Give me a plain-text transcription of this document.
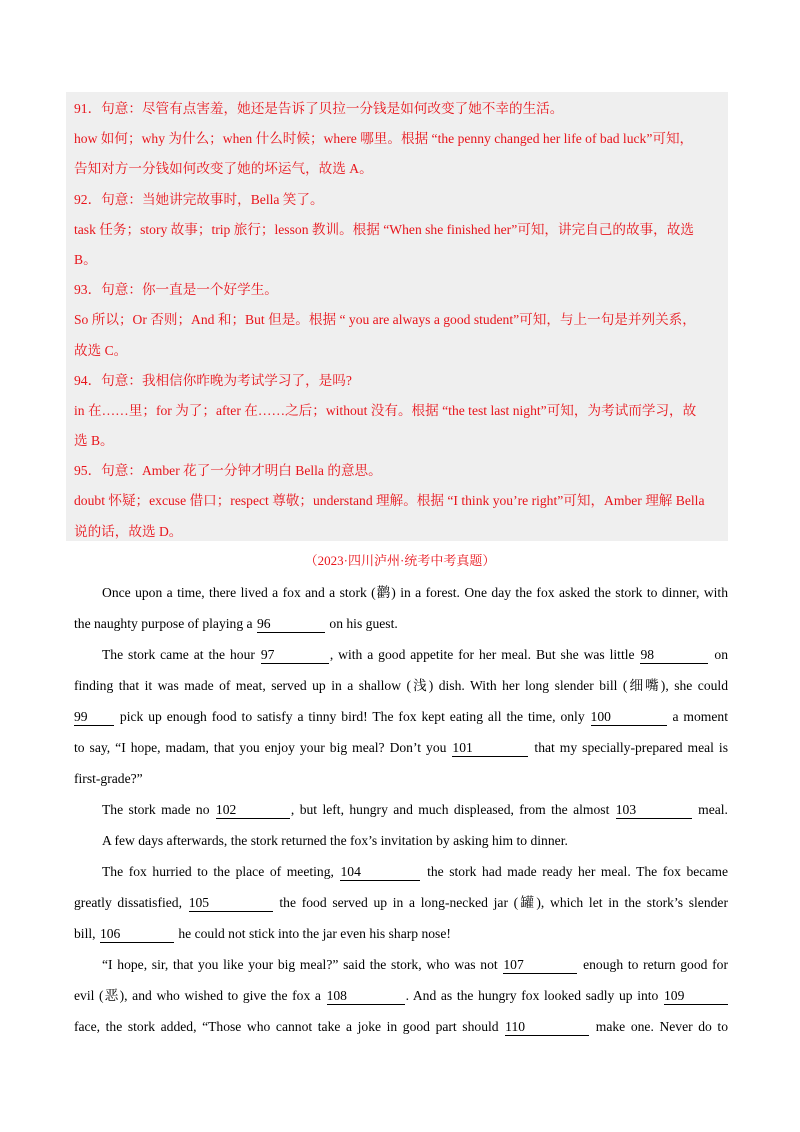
91．句意：尽管有点害羞，她还是告诉了贝拉一分钱是如何改变了她不幸的生活。
how 如何；why 为什么；when 什么时候；where 哪里。根据 “the penny changed her life of bad luck”可知，
告知对方一分钱如何改变了她的坏运气，故选 A。
92．句意：当她讲完故事时，Bella 笑了。
task 任务；story 故事；trip 旅行；lesson 教训。根据 “When she finished her”可知，讲完自己的故事，故选
B。
93．句意：你一直是一个好学生。
So 所以；Or 否则；And 和；But 但是。根据 “ you are always a good student”可知，与上一句是并列关系，
故选 C。
94．句意：我相信你昨晚为考试学习了，是吗?
in 在……里；for 为了；after 在……之后；without 没有。根据 “the test last night”可知，为考试而学习，故
选 B。
95．句意：Amber 花了一分钟才明白 Bella 的意思。
doubt 怀疑；excuse 借口；respect 尊敬；understand 理解。根据 “I think you’re right”可知，Amber 理解 Bella
说的话，故选 D。
（2023·四川泸州·统考中考真题）
Once upon a time, there lived a fox and a stork (鹳) in a forest. One day the fox asked the stork to dinner, with
the naughty purpose of playing a 96	on his guest.
The stork came at the hour 97	, with a good appetite for her meal. But she was little 98	on
finding that it was made of meat, served up in a shallow (浅) dish. With her long slender bill (细嘴), she could
99 pick up enough food to satisfy a tinny bird! The fox kept eating all the time, only 100	a moment
to say, “I hope, madam, that you enjoy your big meal? Don’t you 101	that my specially-prepared meal is
first-grade?”
The stork made no 102	, but left, hungry and much displeased, from the almost 103	meal.
A few days afterwards, the stork returned the fox’s invitation by asking him to dinner.
The fox hurried to the place of meeting, 104	the stork had made ready her meal. The fox became
greatly dissatisfied, 105	the food served up in a long-necked jar (罐), which let in the stork’s slender
bill, 106	he could not stick into the jar even his sharp nose!
“I hope, sir, that you like your big meal?” said the stork, who was not 107	enough to return good for
evil (恶), and who wished to give the fox a 108	. And as the hungry fox looked sadly up into 109
face, the stork added, “Those who cannot take a joke in good part should 110	make one. Never do to
